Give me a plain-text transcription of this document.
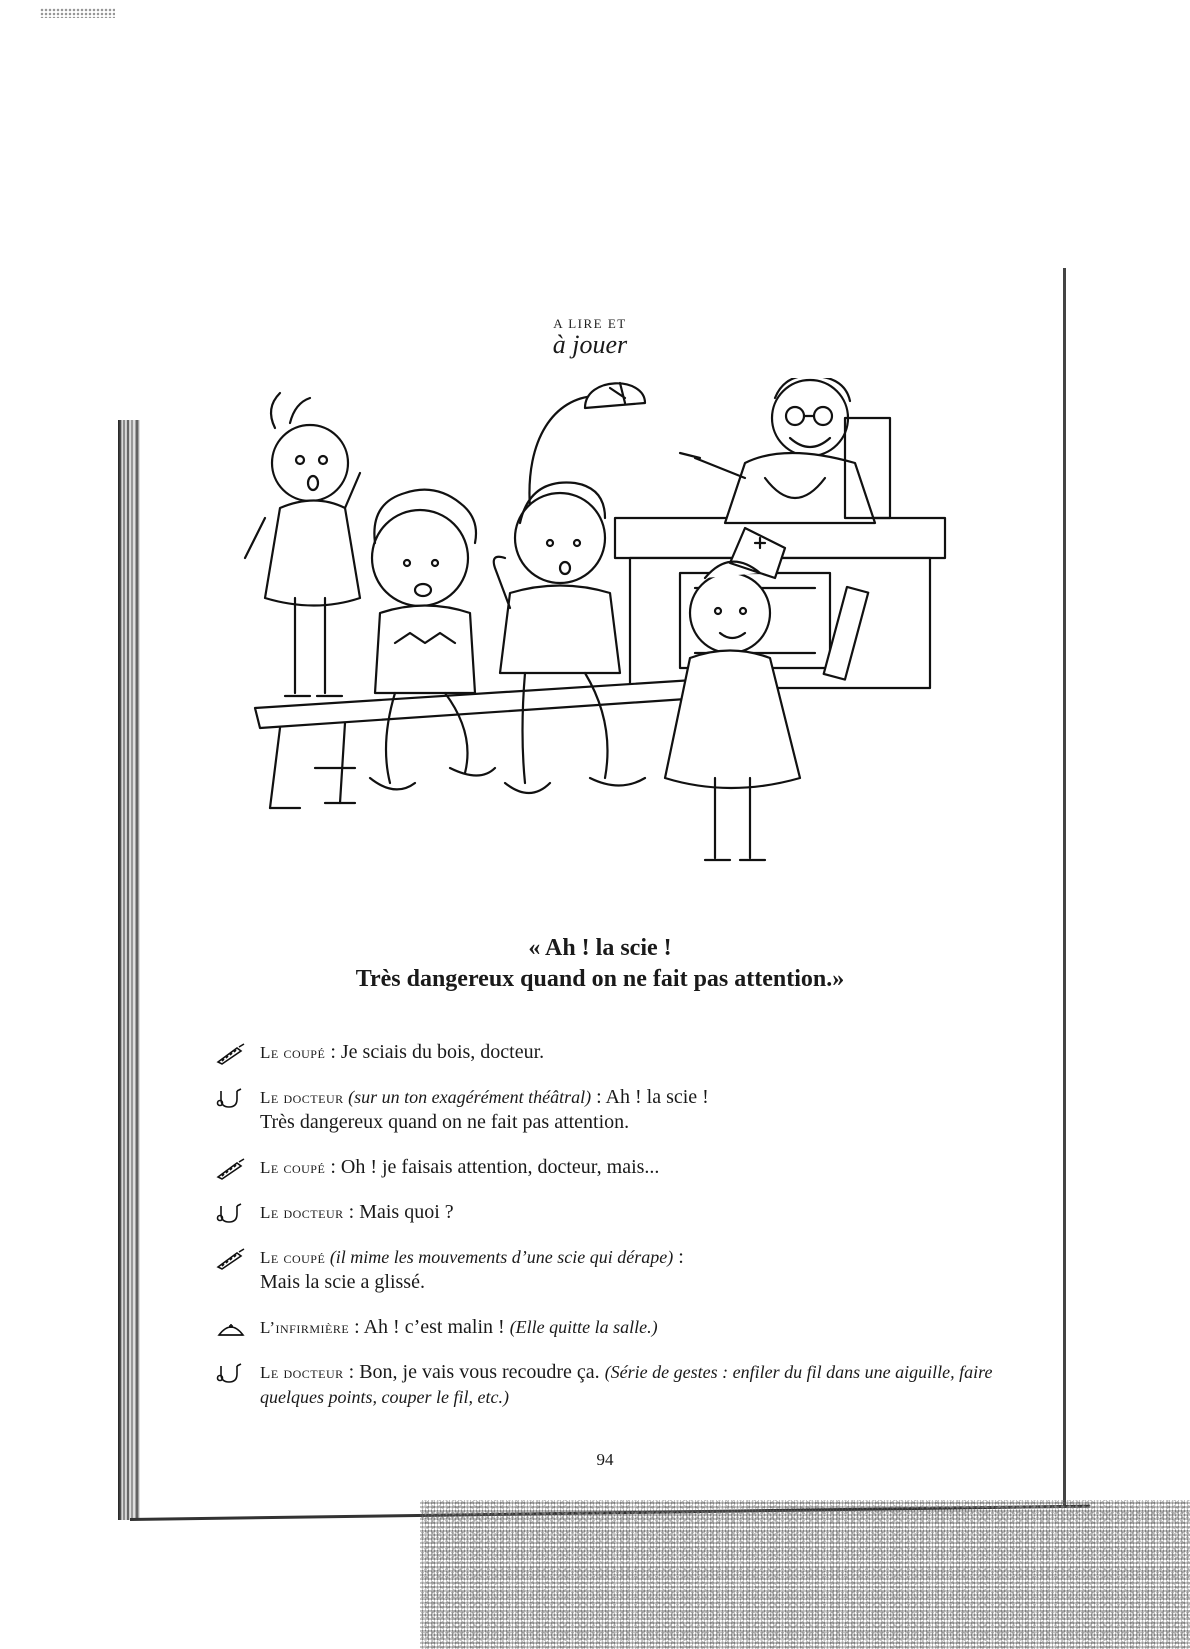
A LIRE ET
à jouer
« Ah ! la scie !
Très dangereux quand on ne fait pas attention.»
Le coupé : Je sciais du bois, docteur.
Le docteur (sur un ton exagérément théâtral) : Ah ! la scie !
Très dangereux quand on ne fait pas attention.
Le coupé : Oh ! je faisais attention, docteur, mais...
Le docteur : Mais quoi ?
Le coupé (il mime les mouvements d’une scie qui dérape) :
Mais la scie a glissé.
L’infirmière : Ah ! c’est malin ! (Elle quitte la salle.)
Le docteur : Bon, je vais vous recoudre ça. (Série de gestes : enfiler du fil dans une aiguille, faire quelques points, couper le fil, etc.)
94
